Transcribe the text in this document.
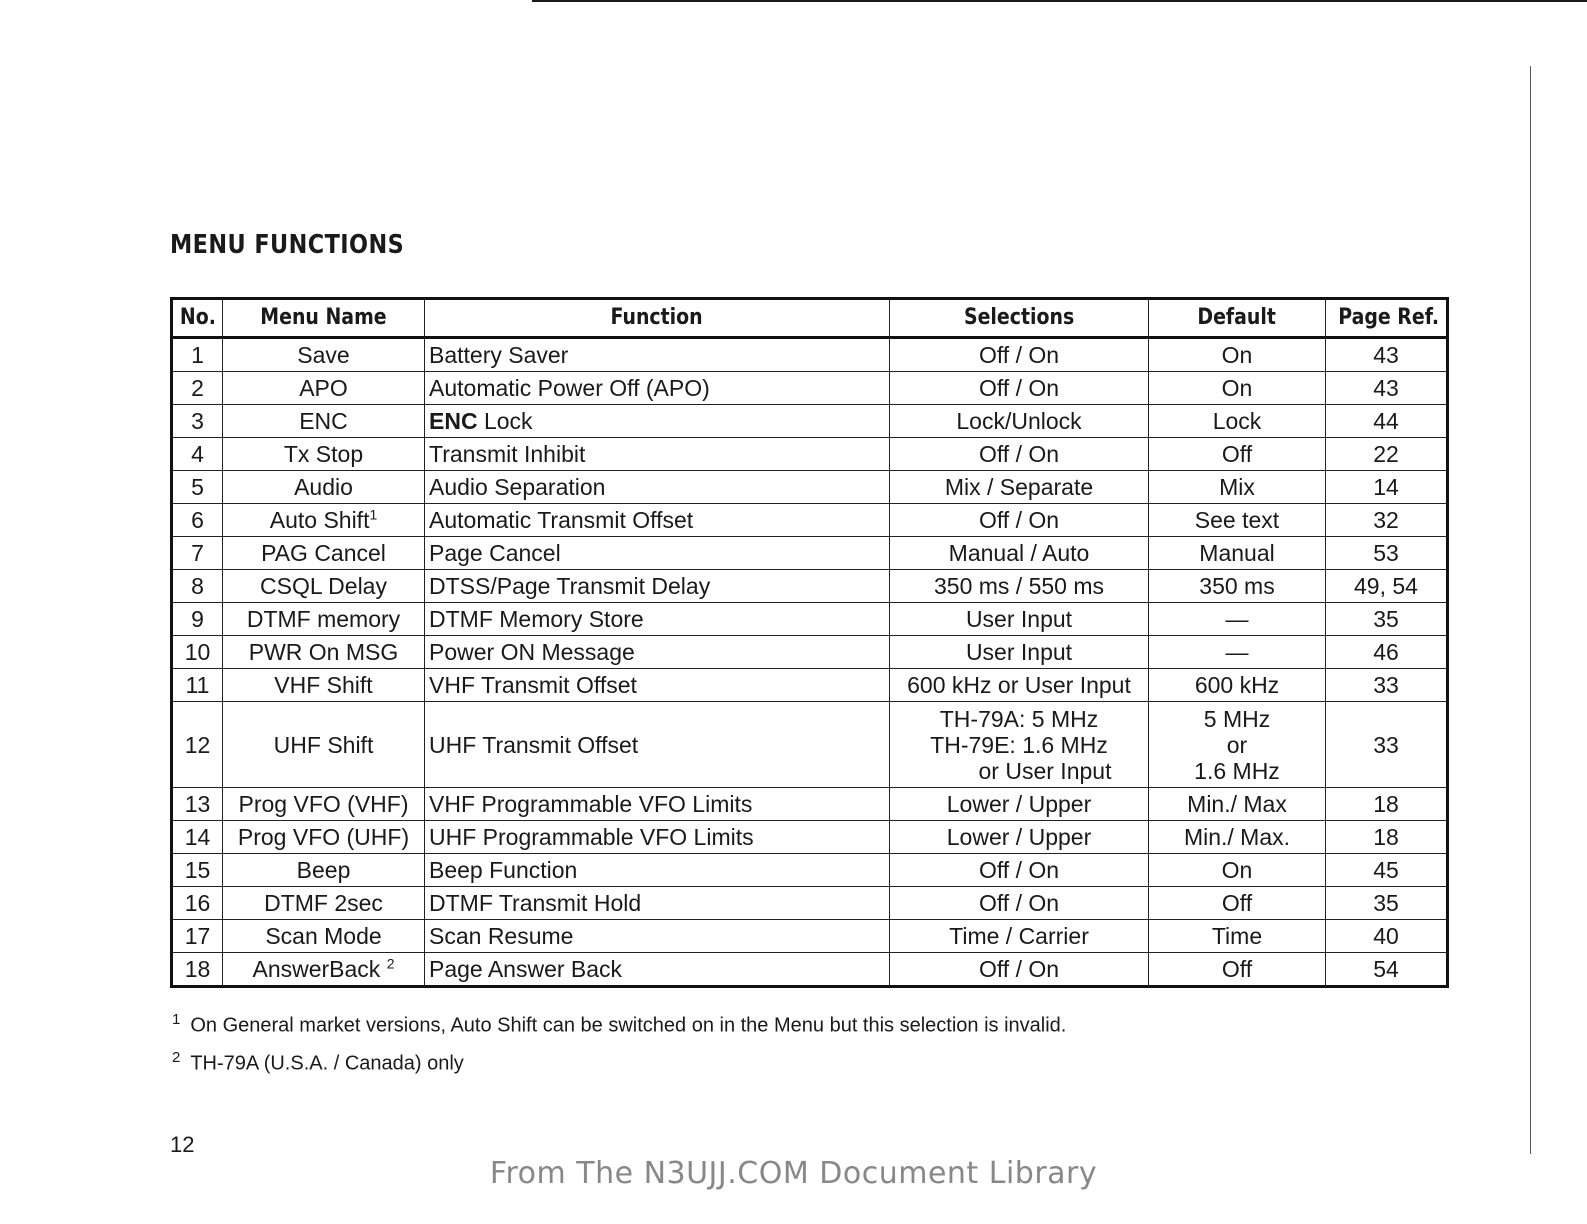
MENU FUNCTIONS
No.	Menu Name	Function	Selections	Default	Page Ref.
1	Save	Battery Saver	Off / On	On	43
2	APO	Automatic Power Off (APO)	Off / On	On	43
3	ENC	ENC Lock	Lock/Unlock	Lock	44
4	Tx Stop	Transmit Inhibit	Off / On	Off	22
5	Audio	Audio Separation	Mix / Separate	Mix	14
6	Auto Shift$^1$	Automatic Transmit Offset	Off / On	See text	32
7	PAG Cancel	Page Cancel	Manual / Auto	Manual	53
8	CSQL Delay	DTSS/Page Transmit Delay	350 ms / 550 ms	350 ms	49, 54
9	DTMF memory	DTMF Memory Store	User Input	—	35
10	PWR On MSG	Power ON Message	User Input	—	46
11	VHF Shift	VHF Transmit Offset	600 kHz or User Input	600 kHz	33
12	UHF Shift	UHF Transmit Offset	TH-79A: 5 MHz
TH-79E: 1.6 MHz
or User Input	5 MHz
or
1.6 MHz	33
13	Prog VFO (VHF)	VHF Programmable VFO Limits	Lower / Upper	Min./ Max	18
14	Prog VFO (UHF)	UHF Programmable VFO Limits	Lower / Upper	Min./ Max.	18
15	Beep	Beep Function	Off / On	On	45
16	DTMF 2sec	DTMF Transmit Hold	Off / On	Off	35
17	Scan Mode	Scan Resume	Time / Carrier	Time	40
18	AnswerBack $^2$	Page Answer Back	Off / On	Off	54
$^1$ On General market versions, Auto Shift can be switched on in the Menu but this selection is invalid.
$^2$ TH-79A (U.S.A. / Canada) only
12
From The N3UJJ.COM Document Library
